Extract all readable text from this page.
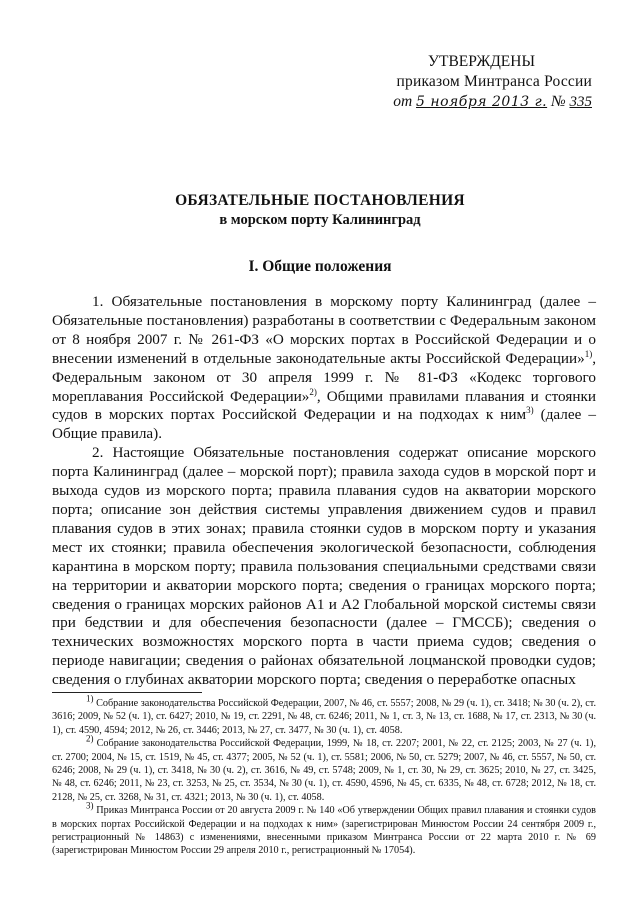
УТВЕРЖДЕНЫ
приказом Минтранса России
от 5 ноября 2013 г. № 335
ОБЯЗАТЕЛЬНЫЕ ПОСТАНОВЛЕНИЯ
в морском порту Калининград
I. Общие положения

1. Обязательные постановления в морскому порту Калининград (далее – Обязательные постановления) разработаны в соответствии с Федеральным законом от 8 ноября 2007 г. № 261-ФЗ «О морских портах в Российской Федерации и о внесении изменений в отдельные законодательные акты Российской Федерации»$^{1)}$, Федеральным законом от 30 апреля 1999 г. № 81-ФЗ «Кодекс торгового мореплавания Российской Федерации»$^{2)}$, Общими правилами плавания и стоянки судов в морских портах Российской Федерации и на подходах к ним$^{3)}$ (далее – Общие правила).

2. Настоящие Обязательные постановления содержат описание морского порта Калининград (далее – морской порт); правила захода судов в морской порт и выхода судов из морского порта; правила плавания судов на акватории морского порта; описание зон действия системы управления движением судов и правил плавания судов в этих зонах; правила стоянки судов в морском порту и указания мест их стоянки; правила обеспечения экологической безопасности, соблюдения карантина в морском порту; правила пользования специальными средствами связи на территории и акватории морского порта; сведения о границах морского порта; сведения о границах морских районов А1 и А2 Глобальной морской системы связи при бедствии и для обеспечения безопасности (далее – ГМССБ); сведения о технических возможностях морского порта в части приема судов; сведения о периоде навигации; сведения о районах обязательной лоцманской проводки судов; сведения о глубинах акватории морского порта; сведения о переработке опасных

$^{1)}$ Собрание законодательства Российской Федерации, 2007, № 46, ст. 5557; 2008, № 29 (ч. 1), ст. 3418; № 30 (ч. 2), ст. 3616; 2009, № 52 (ч. 1), ст. 6427; 2010, № 19, ст. 2291, № 48, ст. 6246; 2011, № 1, ст. 3, № 13, ст. 1688, № 17, ст. 2313, № 30 (ч. 1), ст. 4590, 4594; 2012, № 26, ст. 3446; 2013, № 27, ст. 3477, № 30 (ч. 1), ст. 4058.

$^{2)}$ Собрание законодательства Российской Федерации, 1999, № 18, ст. 2207; 2001, № 22, ст. 2125; 2003, № 27 (ч. 1), ст. 2700; 2004, № 15, ст. 1519, № 45, ст. 4377; 2005, № 52 (ч. 1), ст. 5581; 2006, № 50, ст. 5279; 2007, № 46, ст. 5557, № 50, ст. 6246; 2008, № 29 (ч. 1), ст. 3418, № 30 (ч. 2), ст. 3616, № 49, ст. 5748; 2009, № 1, ст. 30, № 29, ст. 3625; 2010, № 27, ст. 3425, № 48, ст. 6246; 2011, № 23, ст. 3253, № 25, ст. 3534, № 30 (ч. 1), ст. 4590, 4596, № 45, ст. 6335, № 48, ст. 6728; 2012, № 18, ст. 2128, № 25, ст. 3268, № 31, ст. 4321; 2013, № 30 (ч. 1), ст. 4058.

$^{3)}$ Приказ Минтранса России от 20 августа 2009 г. № 140 «Об утверждении Общих правил плавания и стоянки судов в морских портах Российской Федерации и на подходах к ним» (зарегистрирован Минюстом России 24 сентября 2009 г., регистрационный № 14863) с изменениями, внесенными приказом Минтранса России от 22 марта 2010 г. № 69 (зарегистрирован Минюстом России 29 апреля 2010 г., регистрационный № 17054).
